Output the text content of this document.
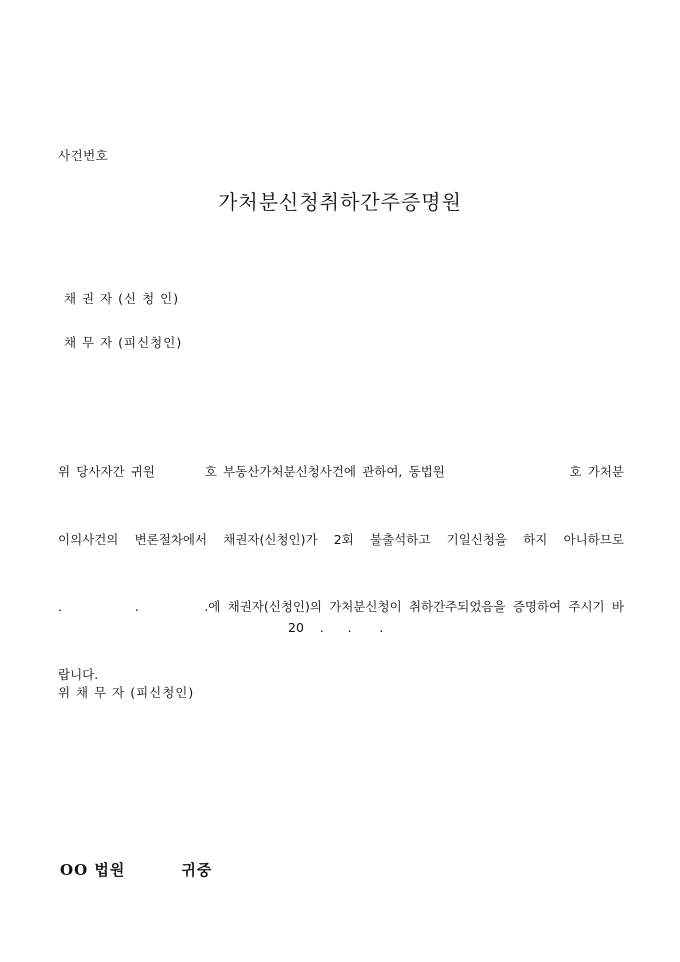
사건번호
가처분신청취하간주증명원
채 권 자 (신 청 인)
채 무 자 (피신청인)

위 당사자간 귀원        호 부동산가처분신청사건에 관하여, 동법원                    호 가처분

이의사건의 변론절차에서 채권자(신청인)가 2회 불출석하고 기일신청을 하지 아니하므로

.          .         .에 채권자(신청인)의 가처분신청이 취하간주되었음을 증명하여 주시기 바

랍니다.

20    .      .       .
위 채 무 자 (피신청인)
OO 법원         귀중
